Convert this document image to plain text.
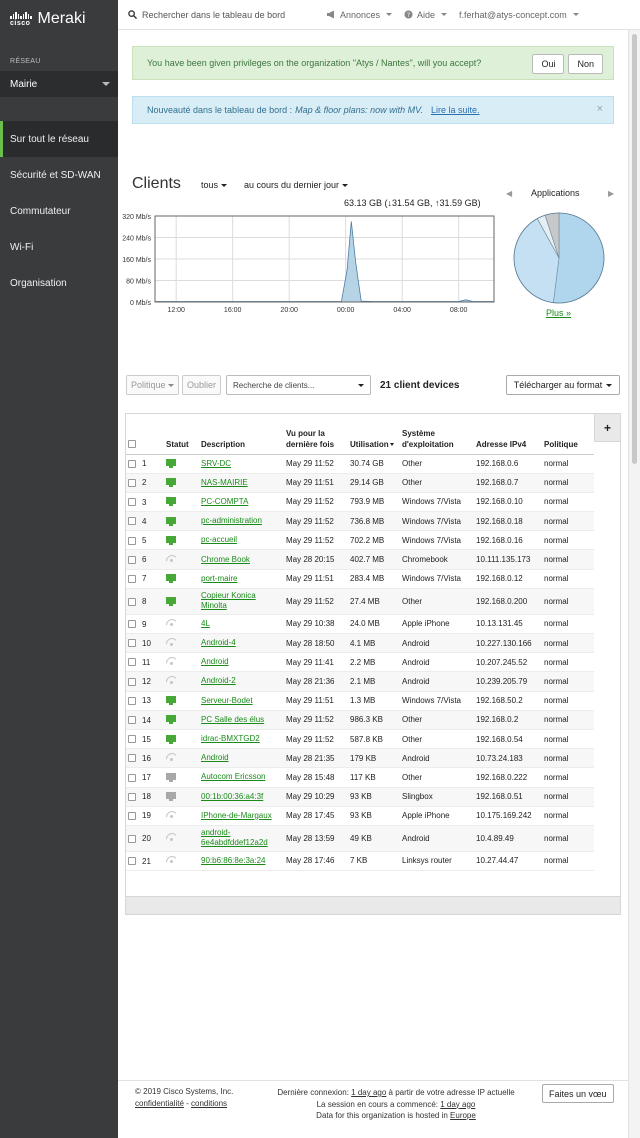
cisco Meraki
RÉSEAU
Mairie
Sur tout le réseau
Sécurité et SD-WAN
Commutateur
Wi-Fi
Organisation
Rechercher dans le tableau de bord	Annonces	? Aide	f.ferhat@atys-concept.com
You have been given privileges on the organization "Atys / Nantes", will you accept?	Oui	Non
Nouveauté dans le tableau de bord : Map & floor plans: now with MV. Lire la suite.	×
Clients tous	au cours du dernier jour
63.13 GB (↓31.54 GB, ↑31.59 GB)
0 Mb/s
80 Mb/s
160 Mb/s
240 Mb/s
320 Mb/s
12:00	16:00	20:00	00:00	04:00	08:00
◀ Applications	▶
Plus »
Politique	Oublier	Recherche de clients...	21 client devices	Télécharger au format
	Statut	Description	Vu pour la dernière fois	Utilisation	Système d'exploitation	Adresse IPv4	Politique
1		SRV-DC	May 29 11:52	30.74 GB	Other	192.168.0.6	normal
2		NAS-MAIRIE	May 29 11:51	29.14 GB	Other	192.168.0.7	normal
3		PC-COMPTA	May 29 11:52	793.9 MB	Windows 7/Vista	192.168.0.10	normal
4		pc-administration	May 29 11:52	736.8 MB	Windows 7/Vista	192.168.0.18	normal
5		pc-accueil	May 29 11:52	702.2 MB	Windows 7/Vista	192.168.0.16	normal
6		Chrome Book	May 28 20:15	402.7 MB	Chromebook	10.111.135.173	normal
7		port-maire	May 29 11:51	283.4 MB	Windows 7/Vista	192.168.0.12	normal
8		Copieur Konica Minolta	May 29 11:52	27.4 MB	Other	192.168.0.200	normal
9		4L	May 29 10:38	24.0 MB	Apple iPhone	10.13.131.45	normal
10		Android-4	May 28 18:50	4.1 MB	Android	10.227.130.166	normal
11		Android	May 29 11:41	2.2 MB	Android	10.207.245.52	normal
12		Android-2	May 28 21:36	2.1 MB	Android	10.239.205.79	normal
13		Serveur-Bodet	May 29 11:51	1.3 MB	Windows 7/Vista	192.168.50.2	normal
14		PC Salle des élus	May 29 11:52	986.3 KB	Other	192.168.0.2	normal
15		idrac-BMXTGD2	May 29 11:52	587.8 KB	Other	192.168.0.54	normal
16		Android	May 28 21:35	179 KB	Android	10.73.24.183	normal
17		Autocom Ericsson	May 28 15:48	117 KB	Other	192.168.0.222	normal
18		00:1b:00:36:a4:3f	May 29 10:29	93 KB	Slingbox	192.168.0.51	normal
19		IPhone-de-Margaux	May 28 17:45	93 KB	Apple iPhone	10.175.169.242	normal
20		android-6e4abdfddef12a2d	May 28 13:59	49 KB	Android	10.4.89.49	normal
21		90:b6:86:8e:3a:24	May 28 17:46	7 KB	Linksys router	10.27.44.47	normal
+
© 2019 Cisco Systems, Inc.
confidentialité - conditions
Dernière connexion: 1 day ago à partir de votre adresse IP actuelle
La session en cours a commencé: 1 day ago
Data for this organization is hosted in Europe
Faites un vœu
